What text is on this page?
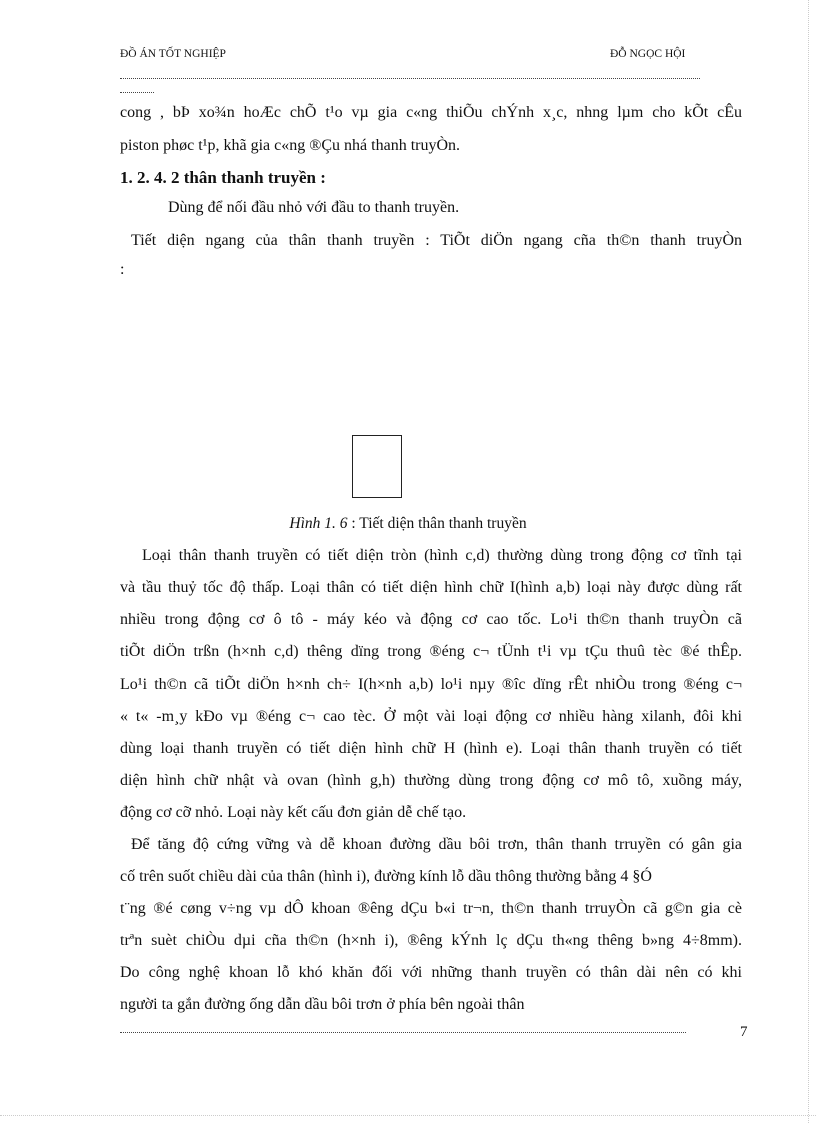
ĐỒ ÁN TỐT NGHIỆP	ĐỖ NGỌC HỘI
cong , bÞ xo¾n hoÆc chÕ t¹o vµ gia c«ng thiÕu chÝnh x¸c, nhng lµm cho kÕt cÊu
piston phøc t¹p, khã gia c«ng ®Çu nhá thanh truyÒn.
1. 2. 4. 2 thân thanh truyền :
Dùng để nối đầu nhỏ với đầu to thanh truyền.
Tiết diện ngang của thân thanh truyền : TiÕt diÖn ngang cña th©n thanh truyÒn
:
Hình 1. 6 : Tiết diện thân thanh truyền
Loại thân thanh truyền có tiết diện tròn (hình c,d) thường dùng trong động cơ tĩnh tại
và tầu thuỷ tốc độ thấp. Loại thân có tiết diện hình chữ I(hình a,b) loại này được dùng rất
nhiều trong động cơ ô tô - máy kéo và động cơ cao tốc. Lo¹i th©n thanh truyÒn cã
tiÕt diÖn trßn (h×nh c,d) thêng dïng trong ®éng c¬ tÜnh t¹i vµ tÇu thuû tèc ®é thÊp.
Lo¹i th©n cã tiÕt diÖn h×nh ch÷ I(h×nh a,b) lo¹i nµy ®îc dïng rÊt nhiÒu trong ®éng c¬
« t« -m¸y kÐo vµ ®éng c¬ cao tèc. Ở một vài loại động cơ nhiều hàng xilanh, đôi khi
dùng loại thanh truyền có tiết diện hình chữ H (hình e). Loại thân thanh truyền có tiết
diện hình chữ nhật và ovan (hình g,h) thường dùng trong động cơ mô tô, xuồng máy,
động cơ cỡ nhỏ. Loại này kết cấu đơn giản dễ chế tạo.
Để tăng độ cứng vững và dễ khoan đường dầu bôi trơn, thân thanh trruyền có gân gia
cố trên suốt chiều dài của thân (hình i), đường kính lỗ dầu thông thường bằng 4 §Ó
t¨ng ®é cøng v÷ng vµ dÔ khoan ®êng dÇu b«i tr¬n, th©n thanh trruyÒn cã g©n gia cè
trªn suèt chiÒu dµi cña th©n (h×nh i), ®êng kÝnh lç dÇu th«ng thêng b»ng 4÷8mm).
Do công nghệ khoan lỗ khó khăn đối với những thanh truyền có thân dài nên có khi
người ta gắn đường ống dẫn dầu bôi trơn ở phía bên ngoài thân
7
